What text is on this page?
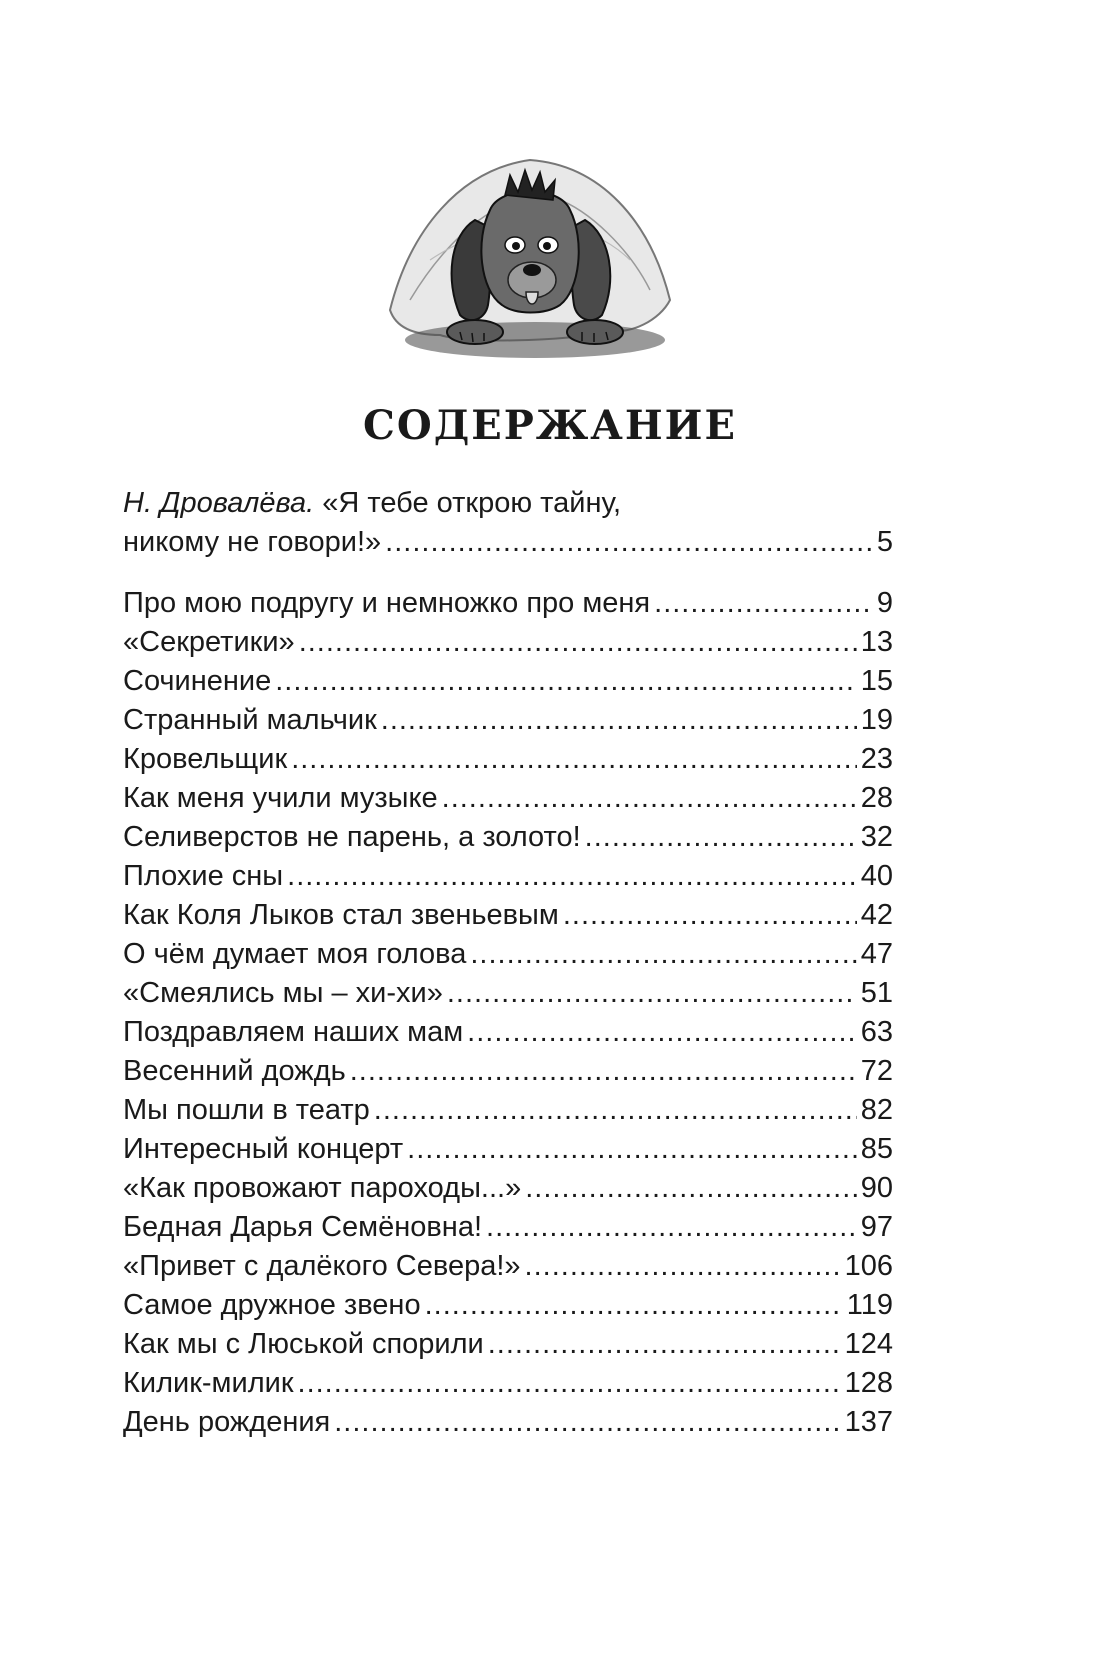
СОДЕРЖАНИЕ
Н. Дровалёва. «Я тебе открою тайну,
никому не говори!» .....	5
Про мою подругу и немножко про меня .....	9
«Секретики» .....	13
Сочинение .....	15
Странный мальчик .....	19
Кровельщик .....	23
Как меня учили музыке .....	28
Селиверстов не парень, а золото! .....	32
Плохие сны .....	40
Как Коля Лыков стал звеньевым .....	42
О чём думает моя голова .....	47
«Смеялись мы – хи-хи» .....	51
Поздравляем наших мам .....	63
Весенний дождь .....	72
Мы пошли в театр .....	82
Интересный концерт .....	85
«Как провожают пароходы...» .....	90
Бедная Дарья Семёновна! .....	97
«Привет с далёкого Севера!» .....	106
Самое дружное звено .....	119
Как мы с Люськой спорили .....	124
Килик-милик .....	128
День рождения .....	137
